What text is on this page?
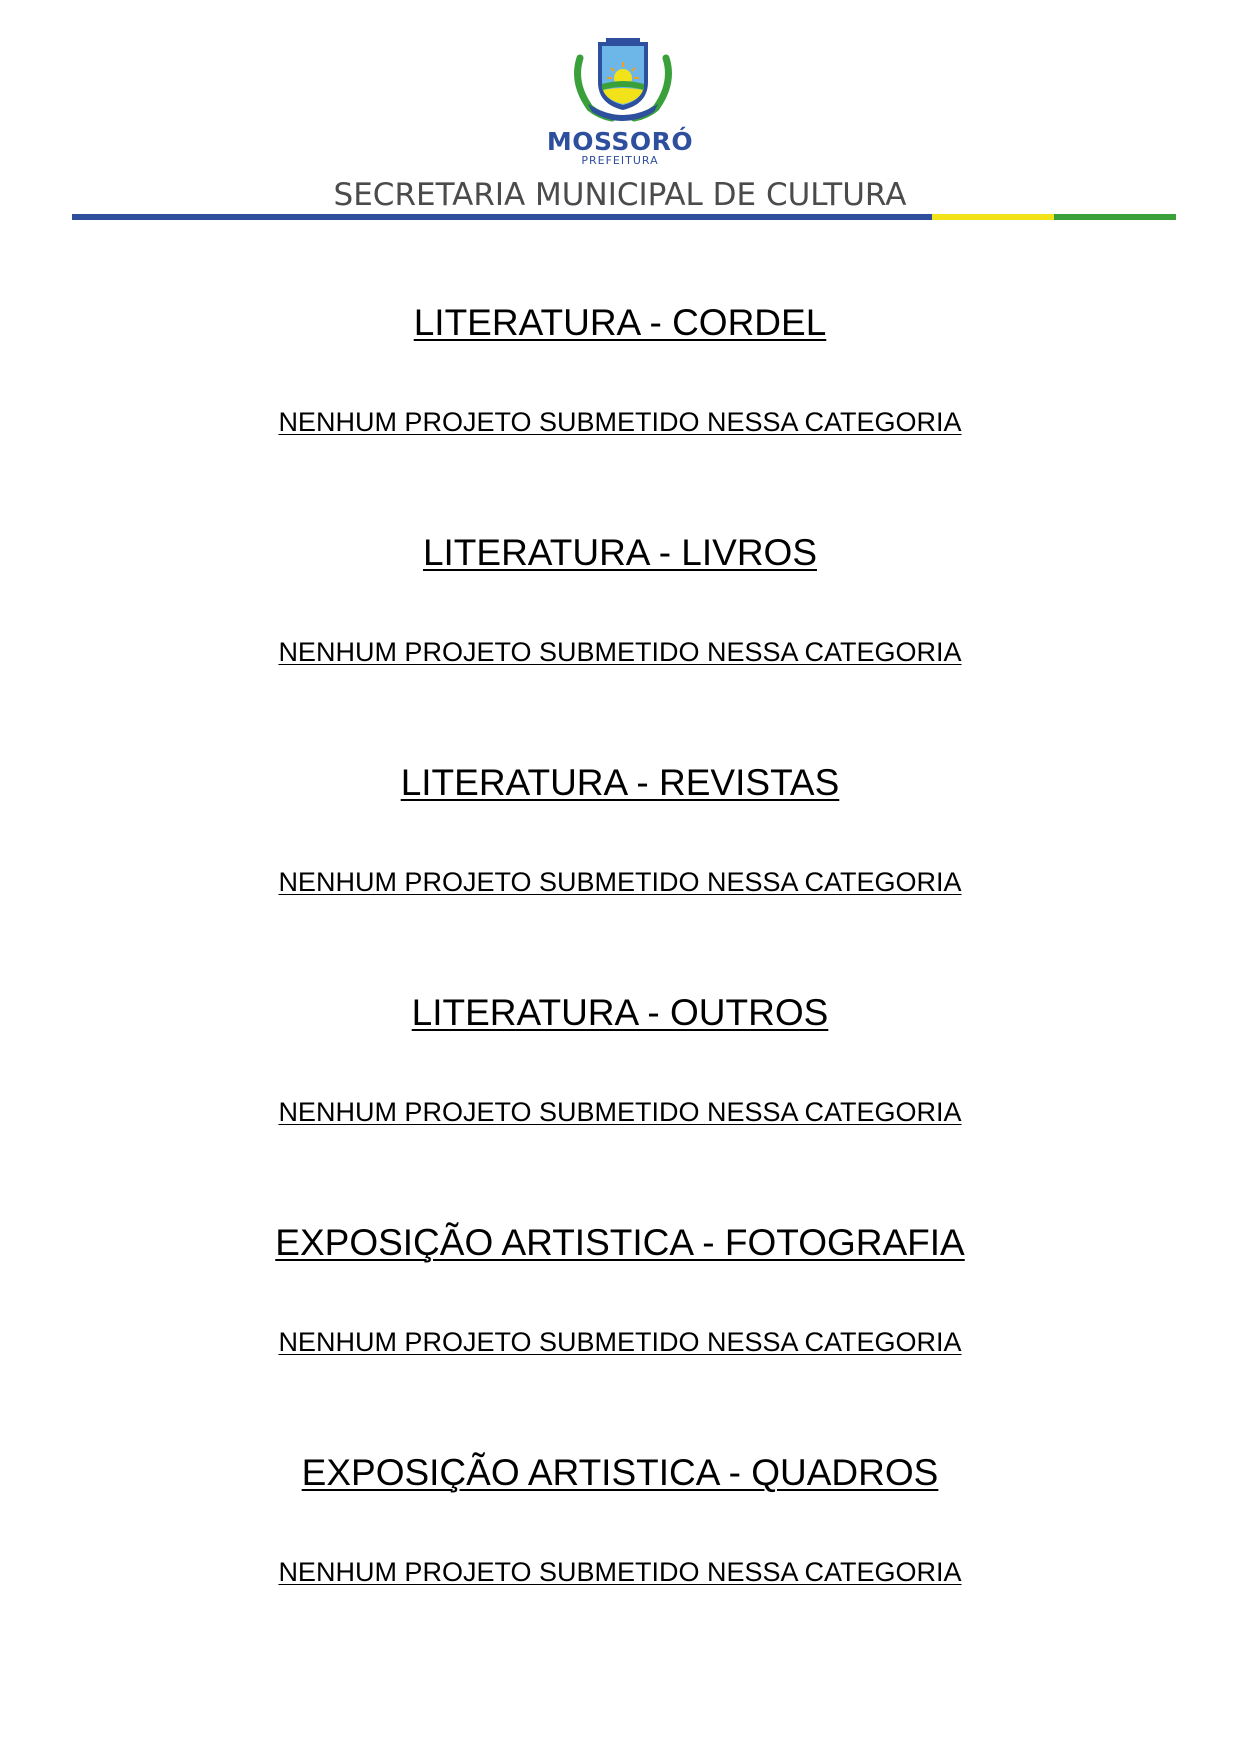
MOSSORÓ
PREFEITURA
SECRETARIA MUNICIPAL DE CULTURA
LITERATURA - CORDEL
NENHUM PROJETO SUBMETIDO NESSA CATEGORIA
LITERATURA - LIVROS
NENHUM PROJETO SUBMETIDO NESSA CATEGORIA
LITERATURA - REVISTAS
NENHUM PROJETO SUBMETIDO NESSA CATEGORIA
LITERATURA - OUTROS
NENHUM PROJETO SUBMETIDO NESSA CATEGORIA
EXPOSIÇÃO ARTISTICA - FOTOGRAFIA
NENHUM PROJETO SUBMETIDO NESSA CATEGORIA
EXPOSIÇÃO ARTISTICA - QUADROS
NENHUM PROJETO SUBMETIDO NESSA CATEGORIA
